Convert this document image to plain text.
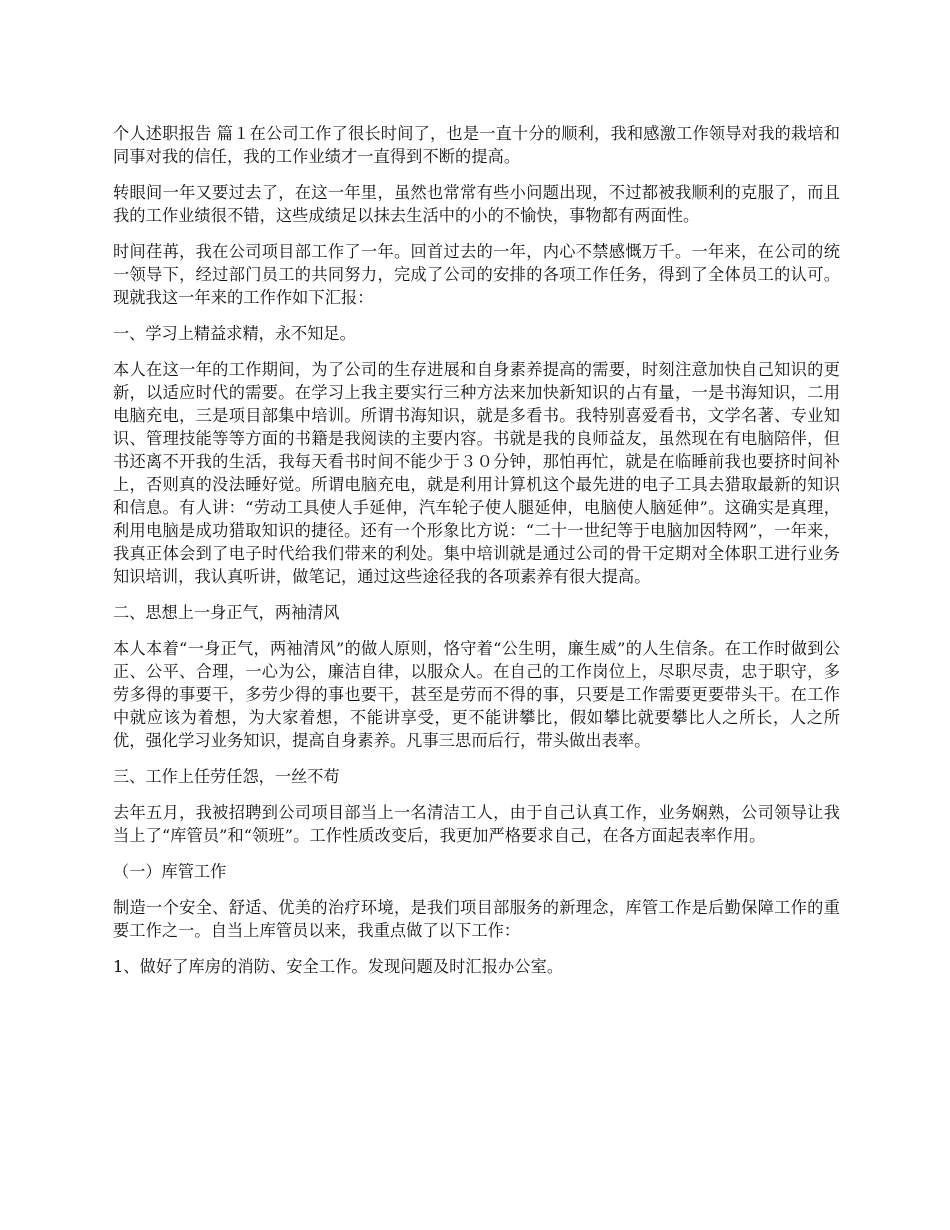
个人述职报告 篇１在公司工作了很长时间了，也是一直十分的顺利，我和感激工作领导对我的栽培和同事对我的信任，我的工作业绩才一直得到不断的提高。

转眼间一年又要过去了，在这一年里，虽然也常常有些小问题出现，不过都被我顺利的克服了，而且我的工作业绩很不错，这些成绩足以抹去生活中的小的不愉快，事物都有两面性。

时间荏苒，我在公司项目部工作了一年。回首过去的一年，内心不禁感慨万千。一年来，在公司的统一领导下，经过部门员工的共同努力，完成了公司的安排的各项工作任务，得到了全体员工的认可。现就我这一年来的工作作如下汇报：

一、学习上精益求精，永不知足。

本人在这一年的工作期间，为了公司的生存进展和自身素养提高的需要，时刻注意加快自己知识的更新，以适应时代的需要。在学习上我主要实行三种方法来加快新知识的占有量，一是书海知识，二用电脑充电，三是项目部集中培训。所谓书海知识，就是多看书。我特别喜爱看书，文学名著、专业知识、管理技能等等方面的书籍是我阅读的主要内容。书就是我的良师益友，虽然现在有电脑陪伴，但书还离不开我的生活，我每天看书时间不能少于３０分钟，那怕再忙，就是在临睡前我也要挤时间补上，否则真的没法睡好觉。所谓电脑充电，就是利用计算机这个最先进的电子工具去猎取最新的知识和信息。有人讲：“劳动工具使人手延伸，汽车轮子使人腿延伸，电脑使人脑延伸”。这确实是真理，利用电脑是成功猎取知识的捷径。还有一个形象比方说：“二十一世纪等于电脑加因特网”，一年来，我真正体会到了电子时代给我们带来的利处。集中培训就是通过公司的骨干定期对全体职工进行业务知识培训，我认真听讲，做笔记，通过这些途径我的各项素养有很大提高。

二、思想上一身正气，两袖清风

本人本着“一身正气，两袖清风”的做人原则，恪守着“公生明，廉生威”的人生信条。在工作时做到公正、公平、合理，一心为公，廉洁自律，以服众人。在自己的工作岗位上，尽职尽责，忠于职守，多劳多得的事要干，多劳少得的事也要干，甚至是劳而不得的事，只要是工作需要更要带头干。在工作中就应该为着想，为大家着想，不能讲享受，更不能讲攀比，假如攀比就要攀比人之所长，人之所优，强化学习业务知识，提高自身素养。凡事三思而后行，带头做出表率。

三、工作上任劳任怨，一丝不苟

去年五月，我被招聘到公司项目部当上一名清洁工人，由于自己认真工作，业务娴熟，公司领导让我当上了“库管员”和“领班”。工作性质改变后，我更加严格要求自己，在各方面起表率作用。

（一）库管工作

制造一个安全、舒适、优美的治疗环境，是我们项目部服务的新理念，库管工作是后勤保障工作的重要工作之一。自当上库管员以来，我重点做了以下工作：

1、做好了库房的消防、安全工作。发现问题及时汇报办公室。
